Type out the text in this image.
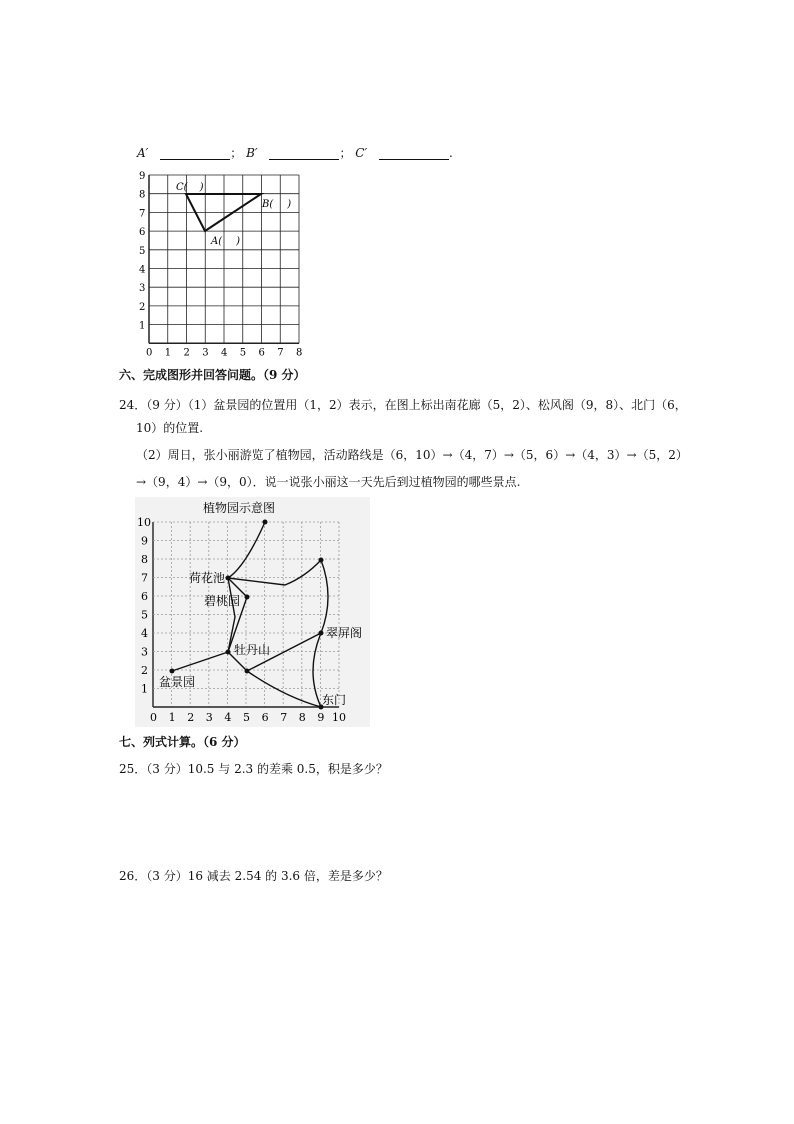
A′	； B′	； C′	.
0 1 2 3 4 5 6 7 8
1
2
3
4
5
6
7
8
9
C( )
B( )
A( )
六、完成图形并回答问题。（9 分）
24．（9 分）（1）盆景园的位置用（1，2）表示，在图上标出南花廊（5，2）、松风阁（9，8）、北门（6，
10）的位置.
（2）周日，张小丽游览了植物园，活动路线是（6，10）→（4，7）→（5，6）→（4，3）→（5，2）
→（9，4）→（9，0）．说一说张小丽这一天先后到过植物园的哪些景点.
植物园示意图
0 1 2 3 4 5 6 7 8 9 10
1
2
3
4
5
6
7
8
9
10
荷花池
碧桃园
牡丹山
盆景园
翠屏阁
东门
七、列式计算。（6 分）
25．（3 分）10.5 与 2.3 的差乘 0.5，积是多少？
26．（3 分）16 减去 2.54 的 3.6 倍，差是多少？
